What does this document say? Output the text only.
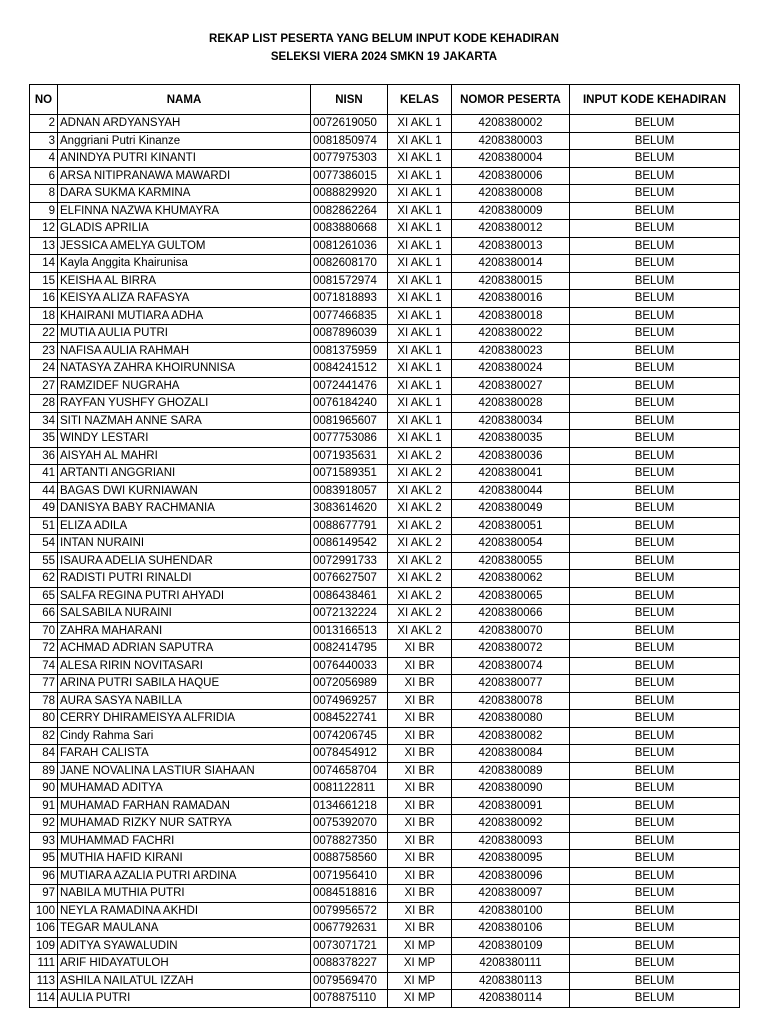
REKAP LIST PESERTA YANG BELUM INPUT KODE KEHADIRAN
SELEKSI VIERA 2024 SMKN 19 JAKARTA
NO	NAMA	NISN	KELAS	NOMOR PESERTA	INPUT KODE KEHADIRAN
2	ADNAN ARDYANSYAH	0072619050	XI AKL 1	4208380002	BELUM
3	Anggriani Putri Kinanze	0081850974	XI AKL 1	4208380003	BELUM
4	ANINDYA PUTRI KINANTI	0077975303	XI AKL 1	4208380004	BELUM
6	ARSA NITIPRANAWA MAWARDI	0077386015	XI AKL 1	4208380006	BELUM
8	DARA SUKMA KARMINA	0088829920	XI AKL 1	4208380008	BELUM
9	ELFINNA NAZWA KHUMAYRA	0082862264	XI AKL 1	4208380009	BELUM
12	GLADIS APRILIA	0083880668	XI AKL 1	4208380012	BELUM
13	JESSICA AMELYA GULTOM	0081261036	XI AKL 1	4208380013	BELUM
14	Kayla Anggita Khairunisa	0082608170	XI AKL 1	4208380014	BELUM
15	KEISHA AL BIRRA	0081572974	XI AKL 1	4208380015	BELUM
16	KEISYA ALIZA RAFASYA	0071818893	XI AKL 1	4208380016	BELUM
18	KHAIRANI MUTIARA ADHA	0077466835	XI AKL 1	4208380018	BELUM
22	MUTIA AULIA PUTRI	0087896039	XI AKL 1	4208380022	BELUM
23	NAFISA AULIA RAHMAH	0081375959	XI AKL 1	4208380023	BELUM
24	NATASYA ZAHRA KHOIRUNNISA	0084241512	XI AKL 1	4208380024	BELUM
27	RAMZIDEF NUGRAHA	0072441476	XI AKL 1	4208380027	BELUM
28	RAYFAN YUSHFY GHOZALI	0076184240	XI AKL 1	4208380028	BELUM
34	SITI NAZMAH ANNE SARA	0081965607	XI AKL 1	4208380034	BELUM
35	WINDY LESTARI	0077753086	XI AKL 1	4208380035	BELUM
36	AISYAH AL MAHRI	0071935631	XI AKL 2	4208380036	BELUM
41	ARTANTI ANGGRIANI	0071589351	XI AKL 2	4208380041	BELUM
44	BAGAS DWI KURNIAWAN	0083918057	XI AKL 2	4208380044	BELUM
49	DANISYA BABY RACHMANIA	3083614620	XI AKL 2	4208380049	BELUM
51	ELIZA ADILA	0088677791	XI AKL 2	4208380051	BELUM
54	INTAN NURAINI	0086149542	XI AKL 2	4208380054	BELUM
55	ISAURA ADELIA SUHENDAR	0072991733	XI AKL 2	4208380055	BELUM
62	RADISTI PUTRI RINALDI	0076627507	XI AKL 2	4208380062	BELUM
65	SALFA REGINA PUTRI AHYADI	0086438461	XI AKL 2	4208380065	BELUM
66	SALSABILA NURAINI	0072132224	XI AKL 2	4208380066	BELUM
70	ZAHRA MAHARANI	0013166513	XI AKL 2	4208380070	BELUM
72	ACHMAD ADRIAN SAPUTRA	0082414795	XI BR	4208380072	BELUM
74	ALESA RIRIN NOVITASARI	0076440033	XI BR	4208380074	BELUM
77	ARINA PUTRI SABILA HAQUE	0072056989	XI BR	4208380077	BELUM
78	AURA SASYA NABILLA	0074969257	XI BR	4208380078	BELUM
80	CERRY DHIRAMEISYA ALFRIDIA	0084522741	XI BR	4208380080	BELUM
82	Cindy Rahma Sari	0074206745	XI BR	4208380082	BELUM
84	FARAH CALISTA	0078454912	XI BR	4208380084	BELUM
89	JANE NOVALINA LASTIUR SIAHAAN	0074658704	XI BR	4208380089	BELUM
90	MUHAMAD ADITYA	0081122811	XI BR	4208380090	BELUM
91	MUHAMAD FARHAN RAMADAN	0134661218	XI BR	4208380091	BELUM
92	MUHAMAD RIZKY NUR SATRYA	0075392070	XI BR	4208380092	BELUM
93	MUHAMMAD FACHRI	0078827350	XI BR	4208380093	BELUM
95	MUTHIA HAFID KIRANI	0088758560	XI BR	4208380095	BELUM
96	MUTIARA AZALIA PUTRI ARDINA	0071956410	XI BR	4208380096	BELUM
97	NABILA MUTHIA PUTRI	0084518816	XI BR	4208380097	BELUM
100	NEYLA RAMADINA AKHDI	0079956572	XI BR	4208380100	BELUM
106	TEGAR MAULANA	0067792631	XI BR	4208380106	BELUM
109	ADITYA SYAWALUDIN	0073071721	XI MP	4208380109	BELUM
111	ARIF HIDAYATULOH	0088378227	XI MP	4208380111	BELUM
113	ASHILA NAILATUL IZZAH	0079569470	XI MP	4208380113	BELUM
114	AULIA PUTRI	0078875110	XI MP	4208380114	BELUM
